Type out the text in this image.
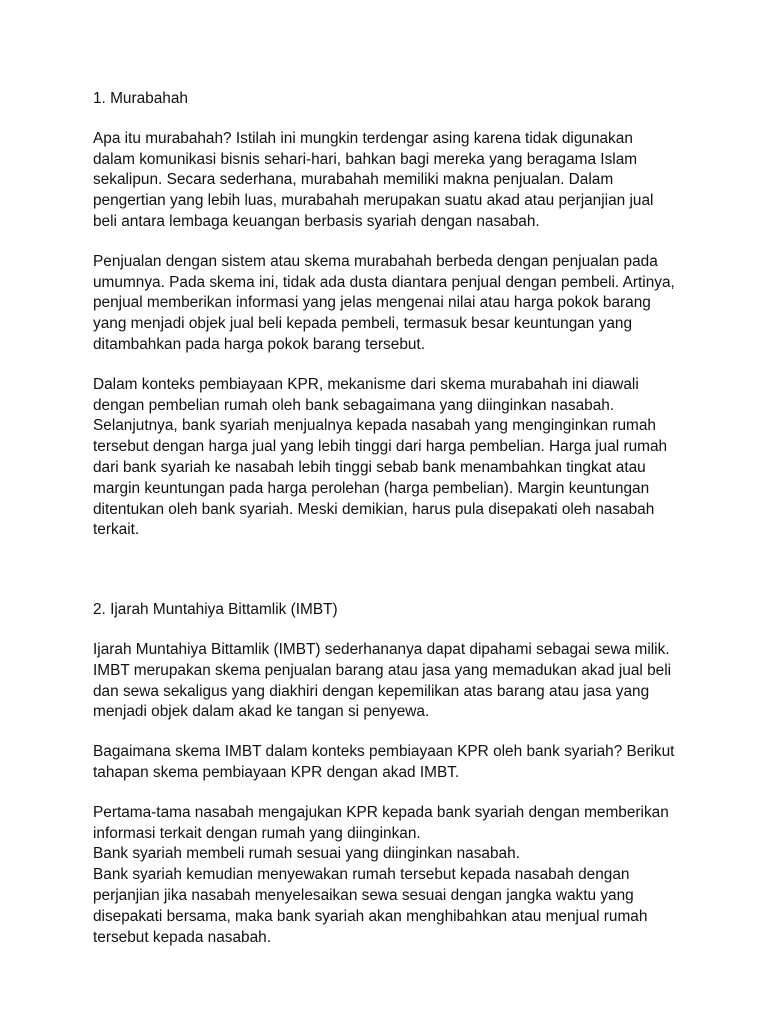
1. Murabahah

Apa itu murabahah? Istilah ini mungkin terdengar asing karena tidak digunakan
dalam komunikasi bisnis sehari-hari, bahkan bagi mereka yang beragama Islam
sekalipun. Secara sederhana, murabahah memiliki makna penjualan. Dalam
pengertian yang lebih luas, murabahah merupakan suatu akad atau perjanjian jual
beli antara lembaga keuangan berbasis syariah dengan nasabah.

Penjualan dengan sistem atau skema murabahah berbeda dengan penjualan pada
umumnya. Pada skema ini, tidak ada dusta diantara penjual dengan pembeli. Artinya,
penjual memberikan informasi yang jelas mengenai nilai atau harga pokok barang
yang menjadi objek jual beli kepada pembeli, termasuk besar keuntungan yang
ditambahkan pada harga pokok barang tersebut.

Dalam konteks pembiayaan KPR, mekanisme dari skema murabahah ini diawali
dengan pembelian rumah oleh bank sebagaimana yang diinginkan nasabah.
Selanjutnya, bank syariah menjualnya kepada nasabah yang menginginkan rumah
tersebut dengan harga jual yang lebih tinggi dari harga pembelian. Harga jual rumah
dari bank syariah ke nasabah lebih tinggi sebab bank menambahkan tingkat atau
margin keuntungan pada harga perolehan (harga pembelian). Margin keuntungan
ditentukan oleh bank syariah. Meski demikian, harus pula disepakati oleh nasabah
terkait.

2. Ijarah Muntahiya Bittamlik (IMBT)

Ijarah Muntahiya Bittamlik (IMBT) sederhananya dapat dipahami sebagai sewa milik.
IMBT merupakan skema penjualan barang atau jasa yang memadukan akad jual beli
dan sewa sekaligus yang diakhiri dengan kepemilikan atas barang atau jasa yang
menjadi objek dalam akad ke tangan si penyewa.

Bagaimana skema IMBT dalam konteks pembiayaan KPR oleh bank syariah? Berikut
tahapan skema pembiayaan KPR dengan akad IMBT.

Pertama-tama nasabah mengajukan KPR kepada bank syariah dengan memberikan
informasi terkait dengan rumah yang diinginkan.
Bank syariah membeli rumah sesuai yang diinginkan nasabah.
Bank syariah kemudian menyewakan rumah tersebut kepada nasabah dengan
perjanjian jika nasabah menyelesaikan sewa sesuai dengan jangka waktu yang
disepakati bersama, maka bank syariah akan menghibahkan atau menjual rumah
tersebut kepada nasabah.
